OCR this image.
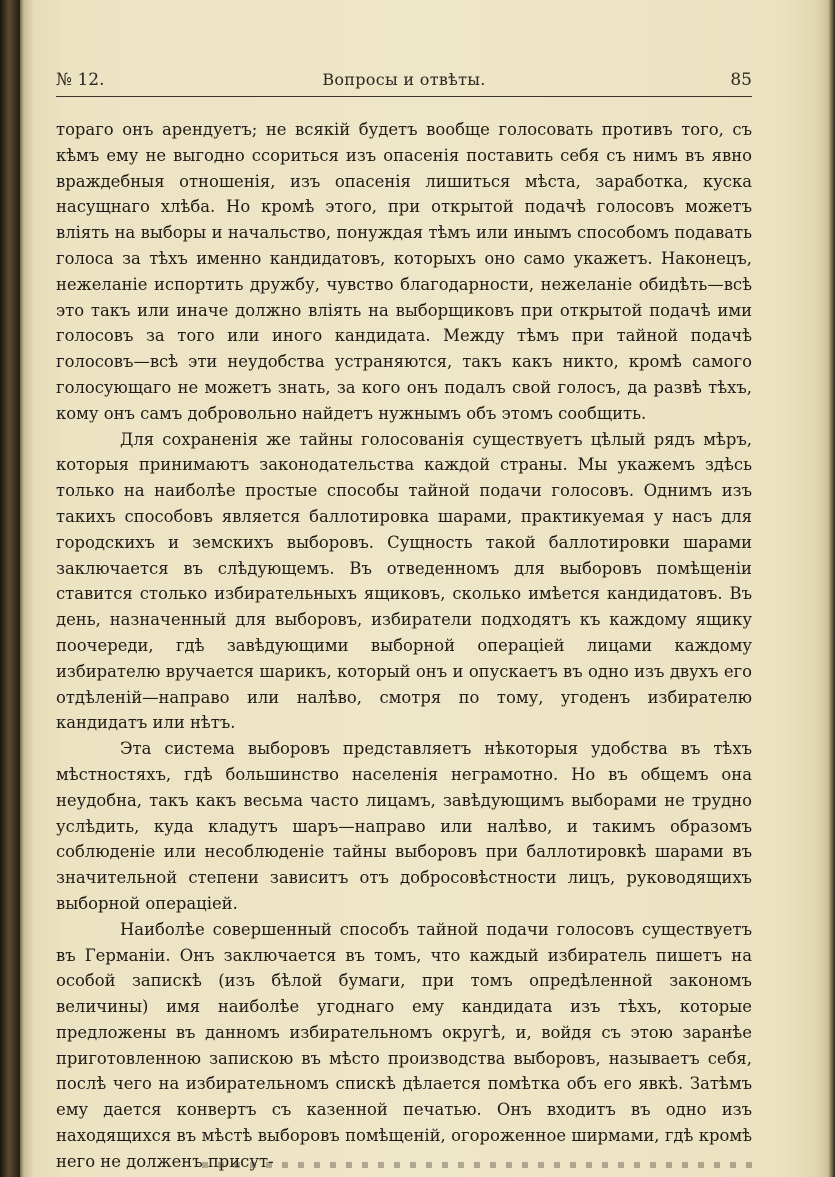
Вопросы и отвѣты.
№ 12.	85

тораго онъ арендуетъ; не всякій будетъ вообще голосовать противъ того, съ кѣмъ ему не выгодно ссориться изъ опасенія поставить себя съ нимъ въ явно враждебныя отношенія, изъ опасенія лишиться мѣста, заработка, куска насущнаго хлѣба. Но кромѣ этого, при открытой подачѣ голосовъ можетъ вліять на выборы и начальство, понуждая тѣмъ или инымъ способомъ подавать голоса за тѣхъ именно кандидатовъ, которыхъ оно само укажетъ. Наконецъ, нежеланіе испортить дружбу, чувство благодарности, нежеланіе обидѣть—всѣ это такъ или иначе должно вліять на выборщиковъ при открытой подачѣ ими голосовъ за того или иного кандидата. Между тѣмъ при тайной подачѣ голосовъ—всѣ эти неудобства устраняются, такъ какъ никто, кромѣ самого голосующаго не можетъ знать, за кого онъ подалъ свой голосъ, да развѣ тѣхъ, кому онъ самъ добровольно найдетъ нужнымъ объ этомъ сообщить.

Для сохраненія же тайны голосованія существуетъ цѣлый рядъ мѣръ, которыя принимаютъ законодательства каждой страны. Мы укажемъ здѣсь только на наиболѣе простые способы тайной подачи голосовъ. Однимъ изъ такихъ способовъ является баллотировка шарами, практикуемая у насъ для городскихъ и земскихъ выборовъ. Сущность такой баллотировки шарами заключается въ слѣдующемъ. Въ отведенномъ для выборовъ помѣщеніи ставится столько избирательныхъ ящиковъ, сколько имѣется кандидатовъ. Въ день, назначенный для выборовъ, избиратели подходятъ къ каждому ящику поочереди, гдѣ завѣдующими выборной операціей лицами каждому избирателю вручается шарикъ, который онъ и опускаетъ въ одно изъ двухъ его отдѣленій—направо или налѣво, смотря по тому, угоденъ избирателю кандидатъ или нѣтъ.

Эта система выборовъ представляетъ нѣкоторыя удобства въ тѣхъ мѣстностяхъ, гдѣ большинство населенія неграмотно. Но въ общемъ она неудобна, такъ какъ весьма часто лицамъ, завѣдующимъ выборами не трудно услѣдить, куда кладутъ шаръ—направо или налѣво, и такимъ образомъ соблюденіе или несоблюденіе тайны выборовъ при баллотировкѣ шарами въ значительной степени зависитъ отъ добросовѣстности лицъ, руководящихъ выборной операціей.

Наиболѣе совершенный способъ тайной подачи голосовъ существуетъ въ Германіи. Онъ заключается въ томъ, что каждый избиратель пишетъ на особой запискѣ (изъ бѣлой бумаги, при томъ опредѣленной закономъ величины) имя наиболѣе угоднаго ему кандидата изъ тѣхъ, которые предложены въ данномъ избирательномъ округѣ, и, войдя съ этою заранѣе приготовленною запискою въ мѣсто производства выборовъ, называетъ себя, послѣ чего на избирательномъ спискѣ дѣлается помѣтка объ его явкѣ. Затѣмъ ему дается конвертъ съ казенной печатью. Онъ входитъ въ одно изъ находящихся въ мѣстѣ выборовъ помѣщеній, огороженное ширмами, гдѣ кромѣ него не долженъ присут-
